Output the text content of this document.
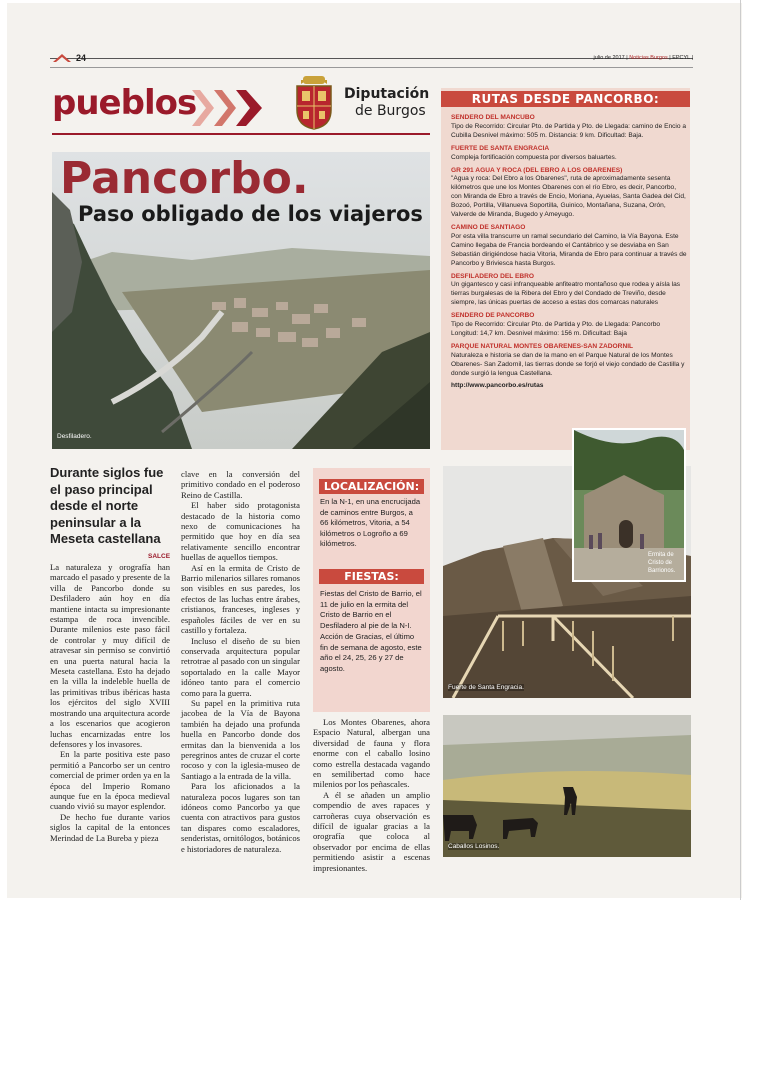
24	julio de 2017 | Noticias Burgos | EPCYL |
pueblos	Diputación
de Burgos
Desfiladero.
Pancorbo.
Paso obligado de los viajeros
RUTAS DESDE PANCORBO:
SENDERO DEL MANCUBO
Tipo de Recorrido: Circular Pto. de Partida y Pto. de Llegada: camino de Encio a Cubilla Desnivel máximo: 505 m. Distancia: 9 km. Dificultad: Baja.
FUERTE DE SANTA ENGRACIA
Compleja fortificación compuesta por diversos baluartes.
GR 291 AGUA Y ROCA (DEL EBRO A LOS OBARENES)
"Agua y roca: Del Ebro a los Obarenes", ruta de aproximadamente sesenta kilómetros que une los Montes Obarenes con el río Ebro, es decir, Pancorbo, con Miranda de Ebro a través de Encio, Moriana, Ayuelas, Santa Gadea del Cid, Bozoó, Portilla, Villanueva Soportilla, Guinico, Montañana, Suzana, Orón, Valverde de Miranda, Bugedo y Ameyugo.
CAMINO DE SANTIAGO
Por esta villa transcurre un ramal secundario del Camino, la Vía Bayona. Este Camino llegaba de Francia bordeando el Cantábrico y se desviaba en San Sebastián dirigiéndose hacia Vitoria, Miranda de Ebro para continuar a través de Pancorbo y Briviesca hasta Burgos.
DESFILADERO DEL EBRO
Un gigantesco y casi infranqueable anfiteatro montañoso que rodea y aísla las tierras burgalesas de la Ribera del Ebro y del Condado de Treviño, desde siempre, las únicas puertas de acceso a estas dos comarcas naturales
SENDERO DE PANCORBO
Tipo de Recorrido: Circular Pto. de Partida y Pto. de Llegada: Pancorbo Longitud: 14,7 km. Desnivel máximo: 156 m. Dificultad: Baja
PARQUE NATURAL MONTES OBARENES-SAN ZADORNIL
Naturaleza e historia se dan de la mano en el Parque Natural de los Montes Obarenes- San Zadornil, las tierras donde se forjó el viejo condado de Castilla y donde surgió la lengua Castellana.
http://www.pancorbo.es/rutas
Durante siglos fue el paso principal desde el norte peninsular a la Meseta castellana
SALCE

La naturaleza y orografía han marcado el pasado y presente de la villa de Pancorbo donde su Desfiladero aún hoy en día mantiene intacta su impresionante estampa de roca invencible. Durante milenios este paso fácil de controlar y muy difícil de atravesar sin permiso se convirtió en una puerta natural hacia la Meseta castellana. Esto ha dejado en la villa la indeleble huella de las primitivas tribus ibéricas hasta los ejércitos del siglo XVIII mostrando una arquitectura acorde a los escenarios que acogieron luchas encarnizadas entre los defensores y los invasores.

En la parte positiva este paso permitió a Pancorbo ser un centro comercial de primer orden ya en la época del Imperio Romano aunque fue en la época medieval cuando vivió su mayor esplendor.

De hecho fue durante varios siglos la capital de la entonces Merindad de La Bureba y pieza

clave en la conversión del primitivo condado en el poderoso Reino de Castilla.

El haber sido protagonista destacado de la historia como nexo de comunicaciones ha permitido que hoy en día sea relativamente sencillo encontrar huellas de aquellos tiempos.

Así en la ermita de Cristo de Barrio milenarios sillares romanos son visibles en sus paredes, los efectos de las luchas entre árabes, cristianos, franceses, ingleses y españoles fáciles de ver en su castillo y fortaleza.

Incluso el diseño de su bien conservada arquitectura popular retrotrae al pasado con un singular soportalado en la calle Mayor idóneo tanto para el comercio como para la guerra.

Su papel en la primitiva ruta jacobea de la Vía de Bayona también ha dejado una profunda huella en Pancorbo donde dos ermitas dan la bienvenida a los peregrinos antes de cruzar el corte rocoso y con la iglesia-museo de Santiago a la entrada de la villa.

Para los aficionados a la naturaleza pocos lugares son tan idóneos como Pancorbo ya que cuenta con atractivos para gustos tan dispares como escaladores, senderistas, ornitólogos, botánicos e historiadores de naturaleza.

LOCALIZACIÓN:
En la N-1, en una encrucijada de caminos entre Burgos, a 66 kilómetros, Vitoria, a 54 kilómetros o Logroño a 69 kilómetros.
FIESTAS:
Fiestas del Cristo de Barrio, el 11 de julio en la ermita del Cristo de Barrio en el Desfiladero al pie de la N-I.
Acción de Gracias, el último fin de semana de agosto, este año el 24, 25, 26 y 27 de agosto.

Los Montes Obarenes, ahora Espacio Natural, albergan una diversidad de fauna y flora enorme con el caballo losino como estrella destacada vagando en semilibertad como hace milenios por los peñascales.

A él se añaden un amplio compendio de aves rapaces y carroñeras cuya observación es difícil de igualar gracias a la orografía que coloca al observador por encima de ellas permitiendo asistir a escenas impresionantes.

Fuerte de Santa Engracia.
Ermita de Cristo de Barrionos.
Caballos Losinos.
